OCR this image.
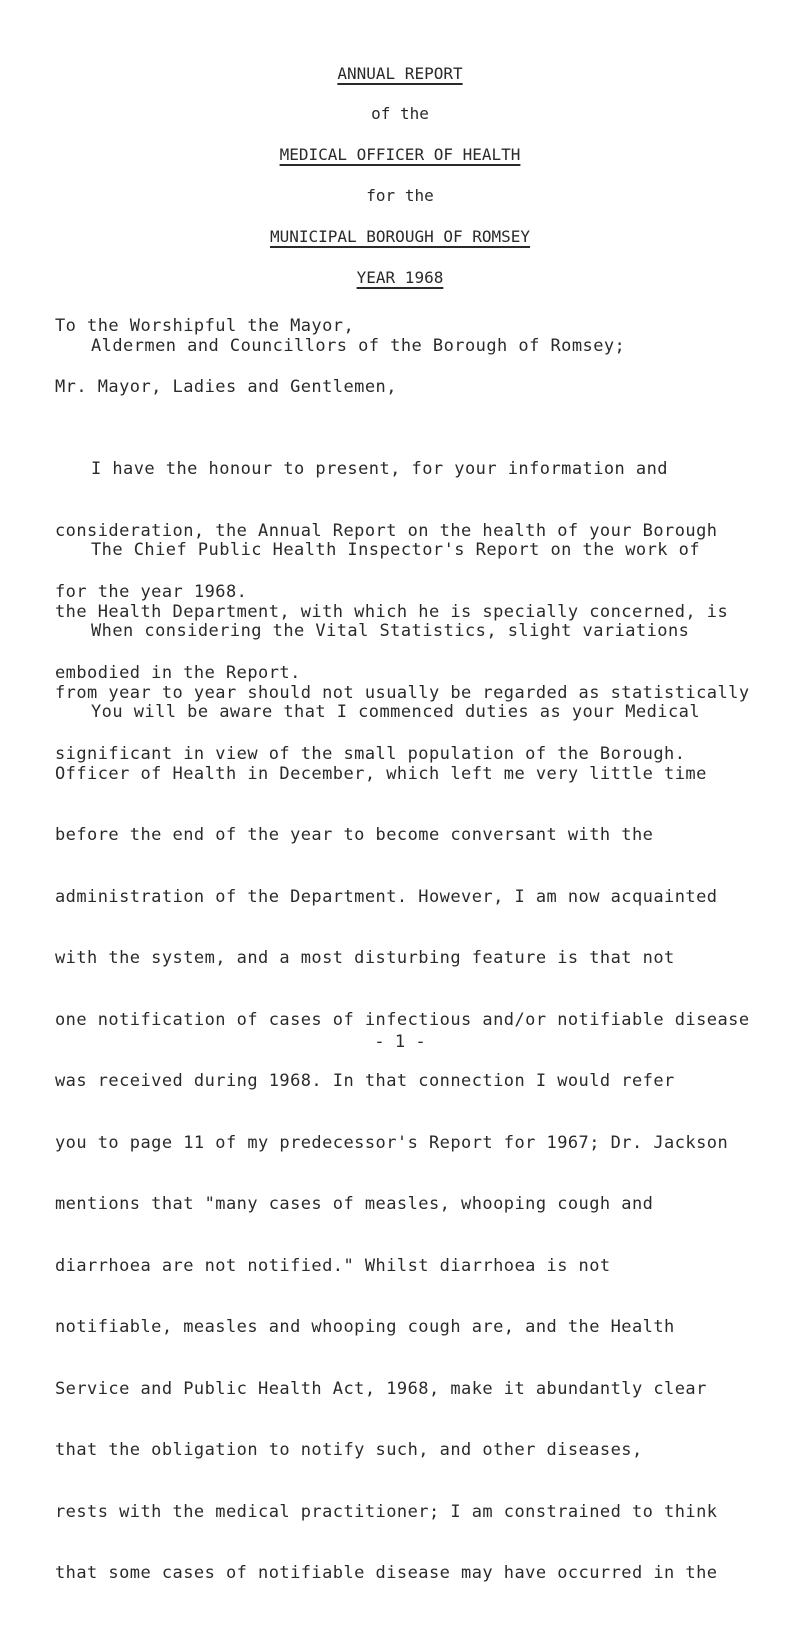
ANNUAL REPORT
of the
MEDICAL OFFICER OF HEALTH
for the
MUNICIPAL BOROUGH OF ROMSEY
YEAR 1968
To the Worshipful the Mayor,
Aldermen and Councillors of the Borough of Romsey;
Mr. Mayor, Ladies and Gentlemen,

I have the honour to present, for your information and

consideration, the Annual Report on the health of your Borough

for the year 1968.

The Chief Public Health Inspector's Report on the work of

the Health Department, with which he is specially concerned, is

embodied in the Report.

When considering the Vital Statistics, slight variations

from year to year should not usually be regarded as statistically

significant in view of the small population of the Borough.

You will be aware that I commenced duties as your Medical

Officer of Health in December, which left me very little time

before the end of the year to become conversant with the

administration of the Department. However, I am now acquainted

with the system, and a most disturbing feature is that not

one notification of cases of infectious and/or notifiable disease

was received during 1968. In that connection I would refer

you to page 11 of my predecessor's Report for 1967; Dr. Jackson

mentions that "many cases of measles, whooping cough and

diarrhoea are not notified." Whilst diarrhoea is not

notifiable, measles and whooping cough are, and the Health

Service and Public Health Act, 1968, make it abundantly clear

that the obligation to notify such, and other diseases,

rests with the medical practitioner; I am constrained to think

that some cases of notifiable disease may have occurred in the

- 1 -
